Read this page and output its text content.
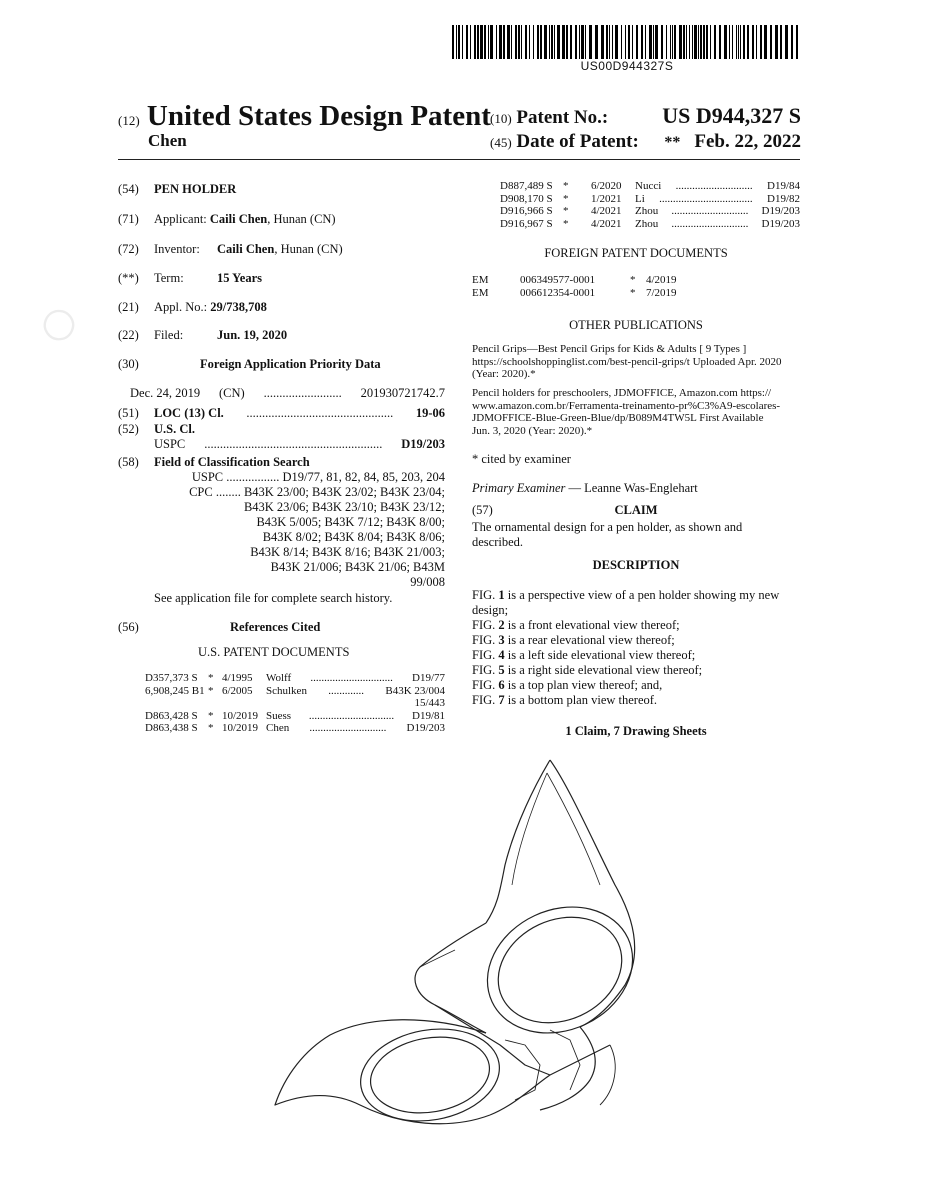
○
US00D944327S
(12) United States Design Patent
Chen
(10) Patent No.: US D944,327 S
(45) Date of Patent: ** Feb. 22, 2022
(54) PEN HOLDER
(71) Applicant: Caili Chen, Hunan (CN)
(72) Inventor: Caili Chen, Hunan (CN)
(**) Term:	15 Years
(21) Appl. No.: 29/738,708
(22) Filed:	Jun. 19, 2020
(30)	Foreign Application Priority Data
Dec. 24, 2019 (CN) ......................... 201930721742.7
(51) LOC (13) Cl. ............................................... 19-06
(52) U.S. Cl.
USPC ......................................................... D19/203
(58) Field of Classification Search
USPC ................. D19/77, 81, 82, 84, 85, 203, 204
CPC ........ B43K 23/00; B43K 23/02; B43K 23/04;
B43K 23/06; B43K 23/10; B43K 23/12;
B43K 5/005; B43K 7/12; B43K 8/00;
B43K 8/02; B43K 8/04; B43K 8/06;
B43K 8/14; B43K 8/16; B43K 21/003;
B43K 21/006; B43K 21/06; B43M
99/008
See application file for complete search history.
(56)	References Cited
U.S. PATENT DOCUMENTS
D357,373 S * 4/1995	Wolff	..............................	D19/77
6,908,245 B1 * 6/2005	Schulken	.............	B43K 23/004
15/443
D863,428 S * 10/2019 Suess	...............................	D19/81
D863,438 S * 10/2019 Chen	............................	D19/203
D887,489 S *	6/2020	Nucci	............................	D19/84
D908,170 S *	1/2021	Li	..................................	D19/82
D916,966 S *	4/2021	Zhou	............................	D19/203
D916,967 S *	4/2021	Zhou	............................	D19/203
FOREIGN PATENT DOCUMENTS
EM	006349577-0001	* 4/2019
EM	006612354-0001	* 7/2019
OTHER PUBLICATIONS
Pencil Grips—Best Pencil Grips for Kids & Adults [ 9 Types ]
https://schoolshoppinglist.com/best-pencil-grips/t Uploaded Apr. 2020
(Year: 2020).*
Pencil holders for preschoolers, JDMOFFICE, Amazon.com https://
www.amazon.com.br/Ferramenta-treinamento-pr%C3%A9-escolares-
JDMOFFICE-Blue-Green-Blue/dp/B089M4TW5L First Available
Jun. 3, 2020 (Year: 2020).*
* cited by examiner
Primary Examiner — Leanne Was-Englehart
(57)	CLAIM
The ornamental design for a pen holder, as shown and
described.
DESCRIPTION
FIG. 1 is a perspective view of a pen holder showing my new
design;
FIG. 2 is a front elevational view thereof;
FIG. 3 is a rear elevational view thereof;
FIG. 4 is a left side elevational view thereof;
FIG. 5 is a right side elevational view thereof;
FIG. 6 is a top plan view thereof; and,
FIG. 7 is a bottom plan view thereof.
1 Claim, 7 Drawing Sheets
